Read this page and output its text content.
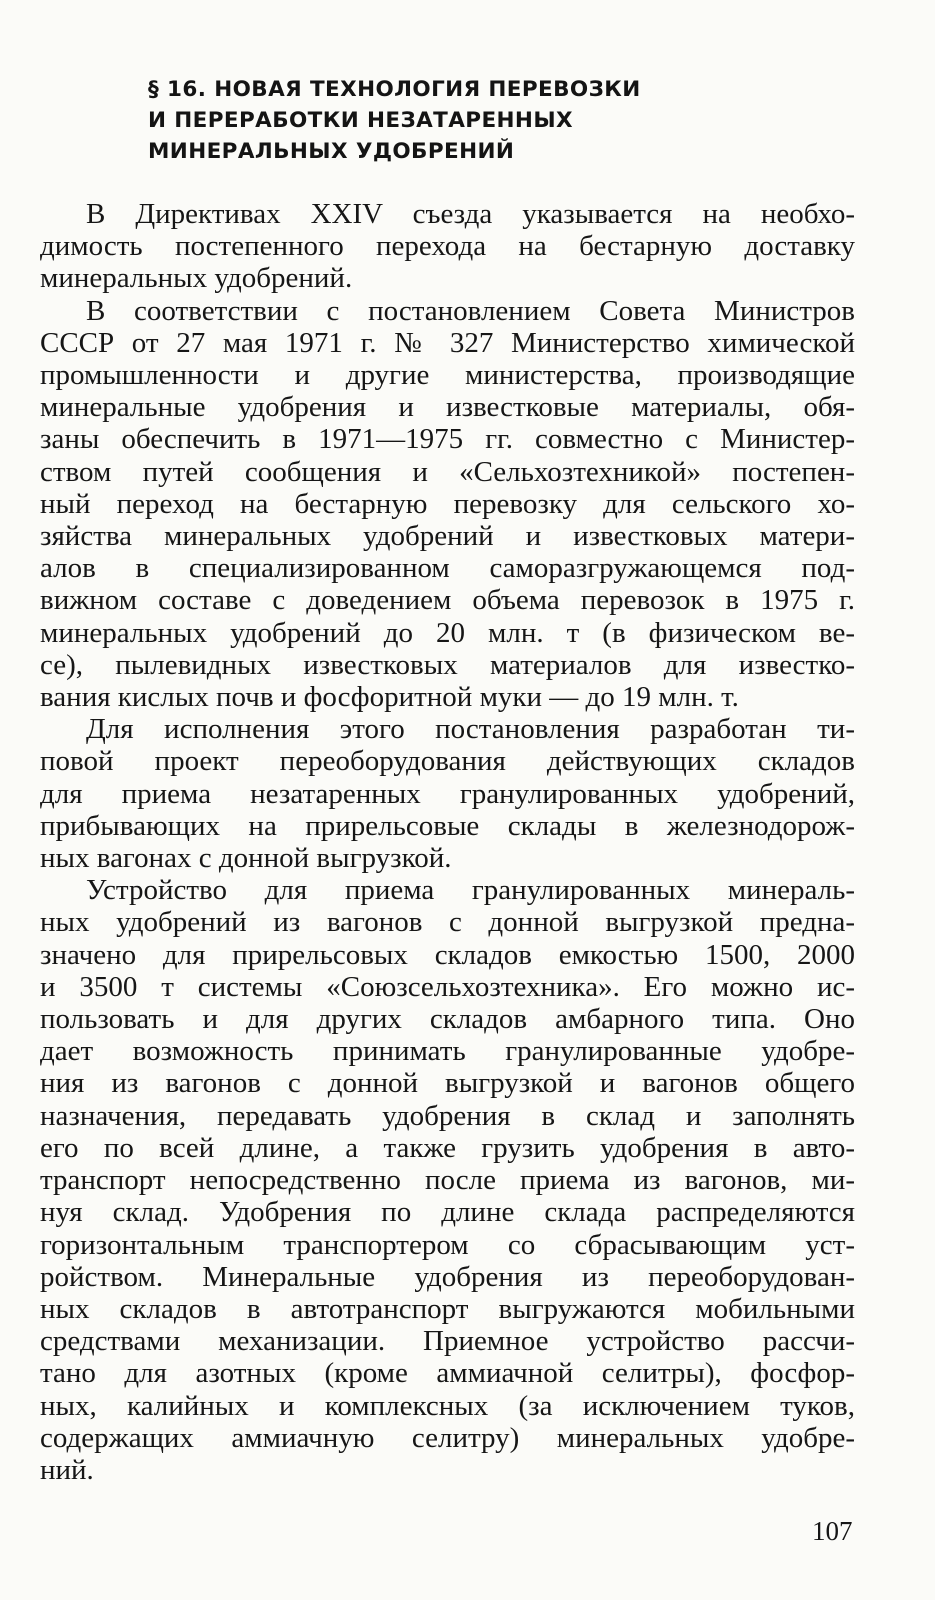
§ 16. НОВАЯ ТЕХНОЛОГИЯ ПЕРЕВОЗКИ
И ПЕРЕРАБОТКИ НЕЗАТАРЕННЫХ
МИНЕРАЛЬНЫХ УДОБРЕНИЙ
В Директивах XXIV съезда указывается на необхо-
димость постепенного перехода на бестарную доставку
минеральных удобрений.
В соответствии с постановлением Совета Министров
СССР от 27 мая 1971 г. № 327 Министерство химической
промышленности и другие министерства, производящие
минеральные удобрения и известковые материалы, обя-
заны обеспечить в 1971—1975 гг. совместно с Министер-
ством путей сообщения и «Сельхозтехникой» постепен-
ный переход на бестарную перевозку для сельского хо-
зяйства минеральных удобрений и известковых матери-
алов в специализированном саморазгружающемся под-
вижном составе с доведением объема перевозок в 1975 г.
минеральных удобрений до 20 млн. т (в физическом ве-
се), пылевидных известковых материалов для известко-
вания кислых почв и фосфоритной муки — до 19 млн. т.
Для исполнения этого постановления разработан ти-
повой проект переоборудования действующих складов
для приема незатаренных гранулированных удобрений,
прибывающих на прирельсовые склады в железнодорож-
ных вагонах с донной выгрузкой.
Устройство для приема гранулированных минераль-
ных удобрений из вагонов с донной выгрузкой предна-
значено для прирельсовых складов емкостью 1500, 2000
и 3500 т системы «Союзсельхозтехника». Его можно ис-
пользовать и для других складов амбарного типа. Оно
дает возможность принимать гранулированные удобре-
ния из вагонов с донной выгрузкой и вагонов общего
назначения, передавать удобрения в склад и заполнять
его по всей длине, а также грузить удобрения в авто-
транспорт непосредственно после приема из вагонов, ми-
нуя склад. Удобрения по длине склада распределяются
горизонтальным транспортером со сбрасывающим уст-
ройством. Минеральные удобрения из переоборудован-
ных складов в автотранспорт выгружаются мобильными
средствами механизации. Приемное устройство рассчи-
тано для азотных (кроме аммиачной селитры), фосфор-
ных, калийных и комплексных (за исключением туков,
содержащих аммиачную селитру) минеральных удобре-
ний.
107
